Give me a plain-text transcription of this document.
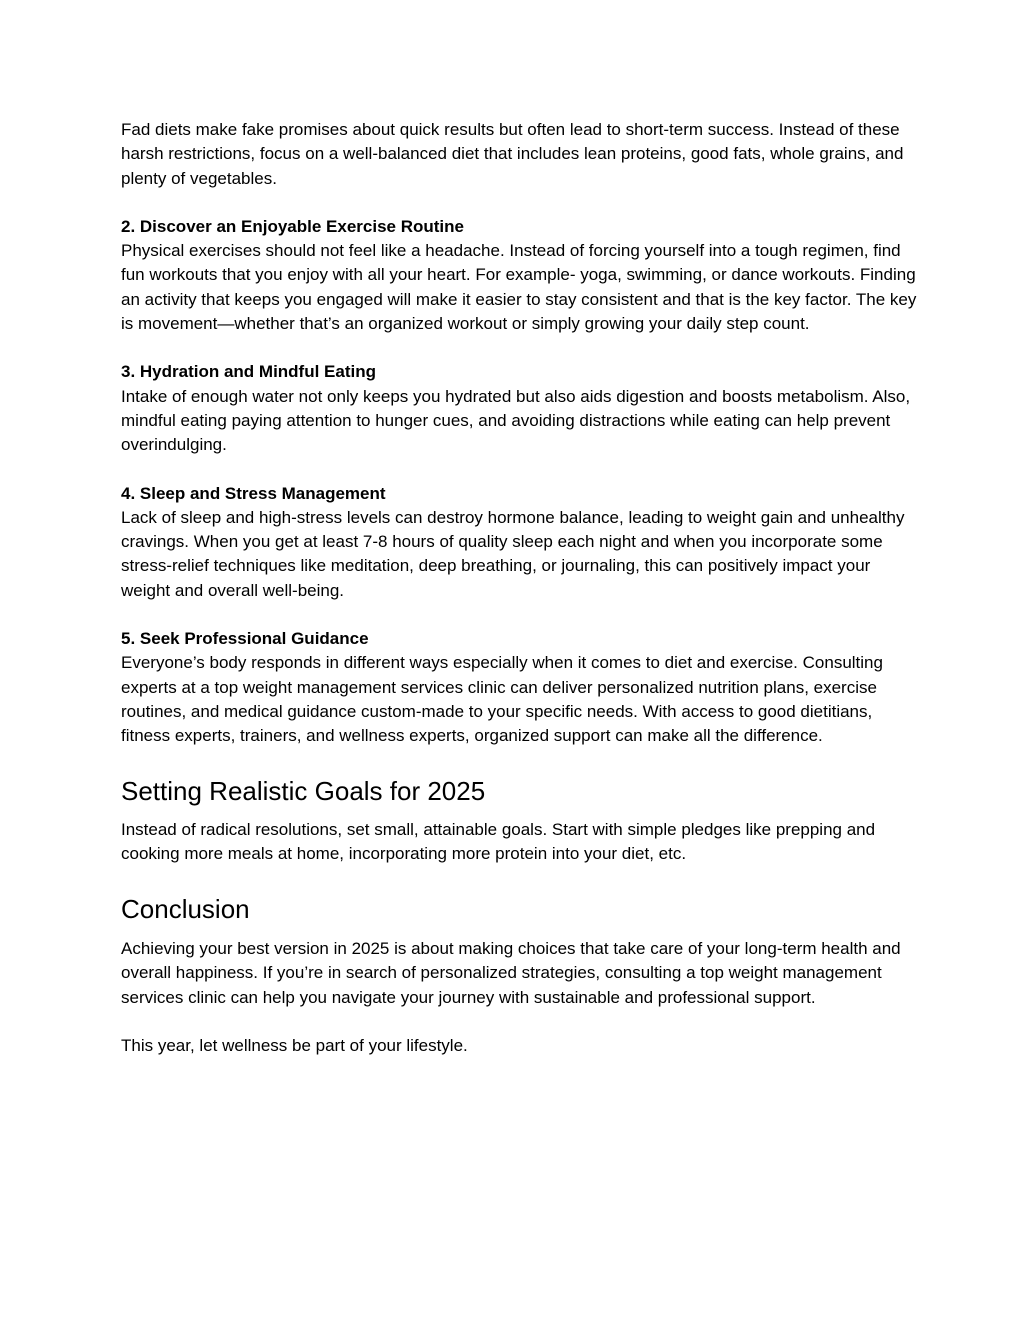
Fad diets make fake promises about quick results but often lead to short-term success. Instead of these harsh restrictions, focus on a well-balanced diet that includes lean proteins, good fats, whole grains, and plenty of vegetables.

2. Discover an Enjoyable Exercise Routine
Physical exercises should not feel like a headache. Instead of forcing yourself into a tough regimen, find fun workouts that you enjoy with all your heart. For example- yoga, swimming, or dance workouts. Finding an activity that keeps you engaged will make it easier to stay consistent and that is the key factor. The key is movement—whether that’s an organized workout or simply growing your daily step count.

3. Hydration and Mindful Eating
Intake of enough water not only keeps you hydrated but also aids digestion and boosts metabolism. Also, mindful eating paying attention to hunger cues, and avoiding distractions while eating can help prevent overindulging.

4. Sleep and Stress Management
Lack of sleep and high-stress levels can destroy hormone balance, leading to weight gain and unhealthy cravings. When you get at least 7-8 hours of quality sleep each night and when you incorporate some stress-relief techniques like meditation, deep breathing, or journaling, this can positively impact your weight and overall well-being.

5. Seek Professional Guidance
Everyone’s body responds in different ways especially when it comes to diet and exercise. Consulting experts at a top weight management services clinic can deliver personalized nutrition plans, exercise routines, and medical guidance custom-made to your specific needs. With access to good dietitians, fitness experts, trainers, and wellness experts, organized support can make all the difference.

Setting Realistic Goals for 2025

Instead of radical resolutions, set small, attainable goals. Start with simple pledges like prepping and cooking more meals at home, incorporating more protein into your diet, etc.

Conclusion

Achieving your best version in 2025 is about making choices that take care of your long-term health and overall happiness. If you’re in search of personalized strategies, consulting a top weight management services clinic can help you navigate your journey with sustainable and professional support.

This year, let wellness be part of your lifestyle.
